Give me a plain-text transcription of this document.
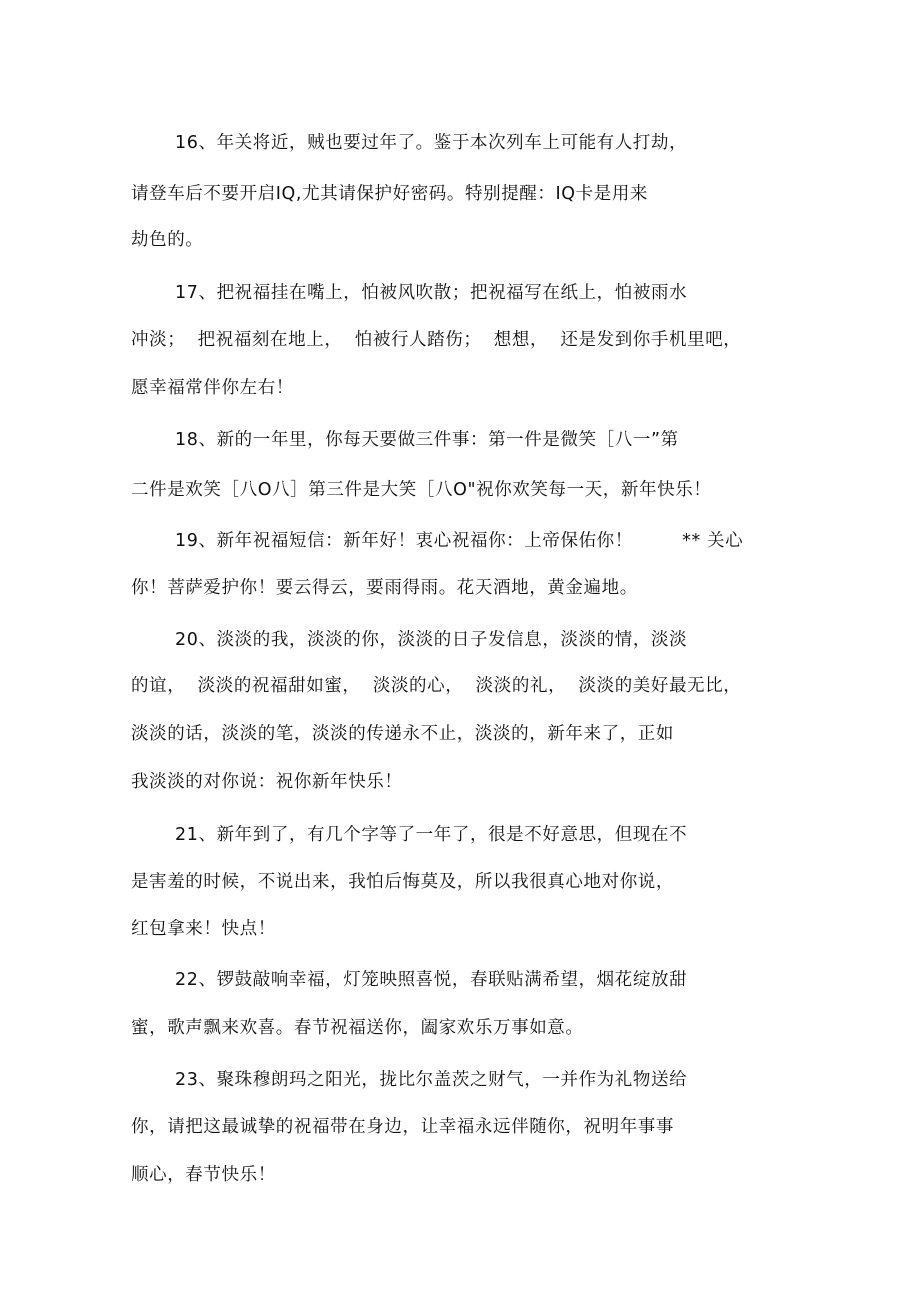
16、年关将近，贼也要过年了。鉴于本次列车上可能有人打劫，
请登车后不要开启IQ,尤其请保护好密码。特别提醒：IQ卡是用来
劫色的。
17、把祝福挂在嘴上，怕被风吹散；把祝福写在纸上，怕被雨水
冲淡；  把祝福刻在地上，  怕被行人踏伤；  想想，  还是发到你手机里吧，
愿幸福常伴你左右！
18、新的一年里，你每天要做三件事：第一件是微笑［八一”第
二件是欢笑［八O八］第三件是大笑［八O"祝你欢笑每一天，新年快乐！
19、新年祝福短信：新年好！衷心祝福你：上帝保佑你！        ** 关心
你！菩萨爱护你！要云得云，要雨得雨。花天酒地，黄金遍地。
20、淡淡的我，淡淡的你，淡淡的日子发信息，淡淡的情，淡淡
的谊，  淡淡的祝福甜如蜜，  淡淡的心，  淡淡的礼，  淡淡的美好最无比，
淡淡的话，淡淡的笔，淡淡的传递永不止，淡淡的，新年来了，正如
我淡淡的对你说：祝你新年快乐！
21、新年到了，有几个字等了一年了，很是不好意思，但现在不
是害羞的时候，不说出来，我怕后悔莫及，所以我很真心地对你说，
红包拿来！快点！
22、锣鼓敲响幸福，灯笼映照喜悦，春联贴满希望，烟花绽放甜
蜜，歌声飘来欢喜。春节祝福送你，阖家欢乐万事如意。
23、聚珠穆朗玛之阳光，拢比尔盖茨之财气，一并作为礼物送给
你，请把这最诚挚的祝福带在身边，让幸福永远伴随你，祝明年事事
顺心，春节快乐！
